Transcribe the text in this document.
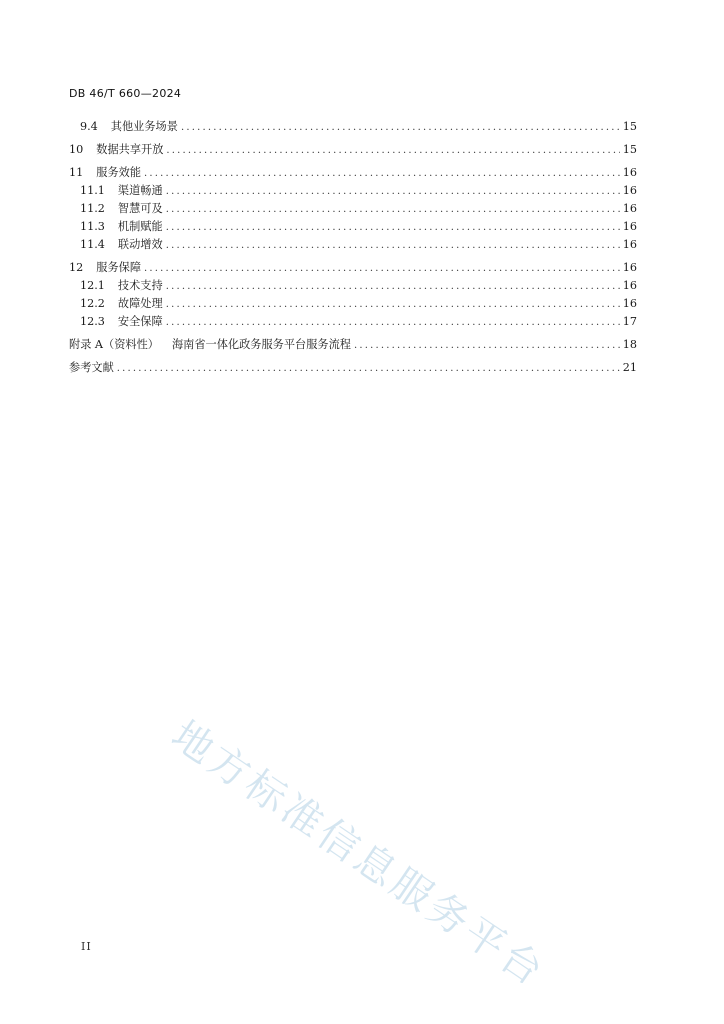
DB 46/T 660—2024
9.4	其他业务场景 .....	15
10	数据共享开放 .....	15
11	服务效能 .....	16
11.1	渠道畅通 .....	16
11.2	智慧可及 .....	16
11.3	机制赋能 .....	16
11.4	联动增效 .....	16
12	服务保障 .....	16
12.1	技术支持 .....	16
12.2	故障处理 .....	16
12.3	安全保障 .....	17
附录 A（资料性）	海南省一体化政务服务平台服务流程 .....	18
参考文献 .....	21
地方标准信息服务平台
II
